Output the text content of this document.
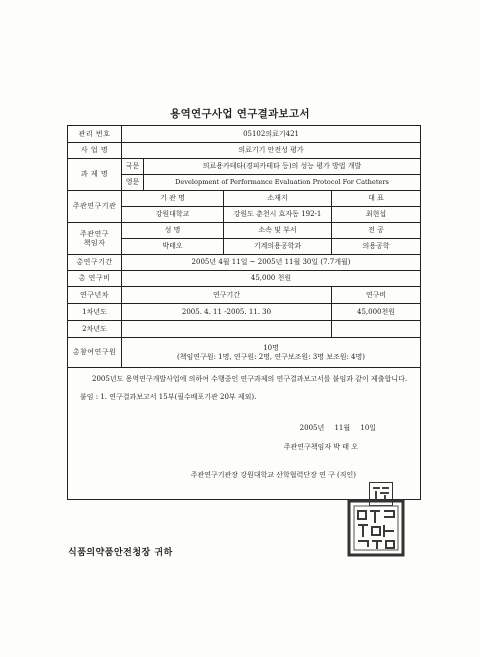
용역연구사업 연구결과보고서
관리 번호	05102의료기421			
사 업 명	의료기기 안전성 평가			
과 제 명	국문	의료용카테타(경피카테타 등)의 성능 평가 방법 개발		
	영문	Development of Performance Evaluation Protocol For Catheters		
주관연구기관	기 관 명		소재지	대 표
	강원대학교		강원도 춘천시 효자동 192-1	최현섭
주관연구
책임자	성 명		소속 및 부서	전 공
	박태오		기계의용공학과	의용공학
총연구기간	2005년 4월 11일 ~ 2005년 11월 30일 (7.7개월)			
총 연구비	45,000 천원			
연구년차	연구기간			연구비
1차년도	2005. 4. 11 -2005. 11. 30			45,000천원
2차년도				
총참여연구원	10명
(책임연구원: 1명, 연구원: 2명, 연구보조원: 3명 보조원: 4명)			

2005년도 용역연구개발사업에 의하여 수행중인 연구과제의 연구결과보고서를 붙임과 같이 제출합니다.

붙임 : 1. 연구결과보고서 15부(필수배포기관 20부 제외).
2005년 11월 10일
주관연구책임자 박 태 오
주관연구기관장 강원대학교 산학협력단장 연 구 (직인)				
식품의약품안전청장 귀하
